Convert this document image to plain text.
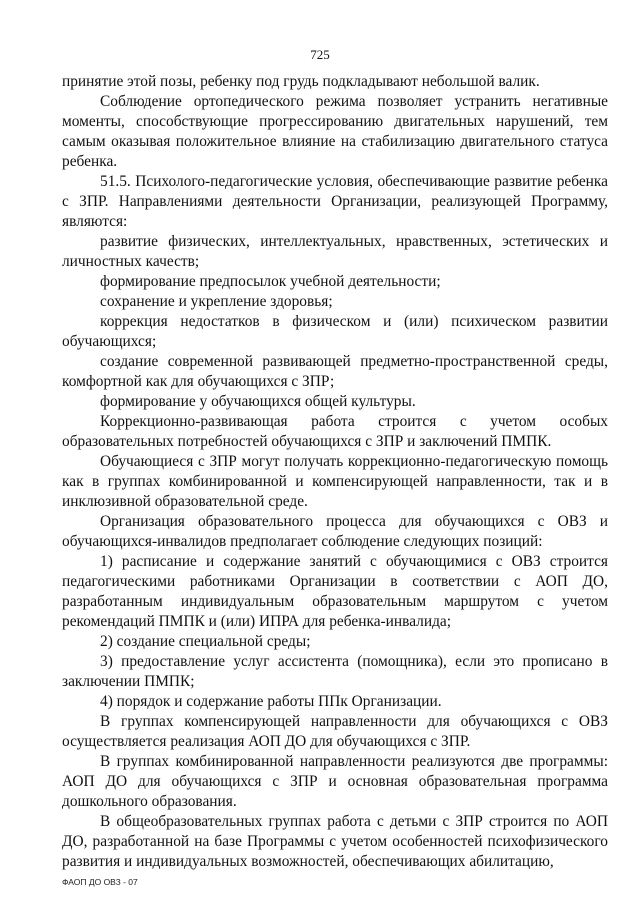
725

принятие этой позы, ребенку под грудь подкладывают небольшой валик.

Соблюдение ортопедического режима позволяет устранить негативные моменты, способствующие прогрессированию двигательных нарушений, тем самым оказывая положительное влияние на стабилизацию двигательного статуса ребенка.

51.5. Психолого-педагогические условия, обеспечивающие развитие ребенка с ЗПР. Направлениями деятельности Организации, реализующей Программу, являются:

развитие физических, интеллектуальных, нравственных, эстетических и личностных качеств;

формирование предпосылок учебной деятельности;

сохранение и укрепление здоровья;

коррекция недостатков в физическом и (или) психическом развитии обучающихся;

создание современной развивающей предметно-пространственной среды, комфортной как для обучающихся с ЗПР;

формирование у обучающихся общей культуры.

Коррекционно-развивающая работа строится с учетом особых образовательных потребностей обучающихся с ЗПР и заключений ПМПК.

Обучающиеся с ЗПР могут получать коррекционно-педагогическую помощь как в группах комбинированной и компенсирующей направленности, так и в инклюзивной образовательной среде.

Организация образовательного процесса для обучающихся с ОВЗ и обучающихся-инвалидов предполагает соблюдение следующих позиций:

1) расписание и содержание занятий с обучающимися с ОВЗ строится педагогическими работниками Организации в соответствии с АОП ДО, разработанным индивидуальным образовательным маршрутом с учетом рекомендаций ПМПК и (или) ИПРА для ребенка-инвалида;

2) создание специальной среды;

3) предоставление услуг ассистента (помощника), если это прописано в заключении ПМПК;

4) порядок и содержание работы ППк Организации.

В группах компенсирующей направленности для обучающихся с ОВЗ осуществляется реализация АОП ДО для обучающихся с ЗПР.

В группах комбинированной направленности реализуются две программы: АОП ДО для обучающихся с ЗПР и основная образовательная программа дошкольного образования.

В общеобразовательных группах работа с детьми с ЗПР строится по АОП ДО, разработанной на базе Программы с учетом особенностей психофизического развития и индивидуальных возможностей, обеспечивающих абилитацию,

ФАОП ДО ОВЗ - 07
